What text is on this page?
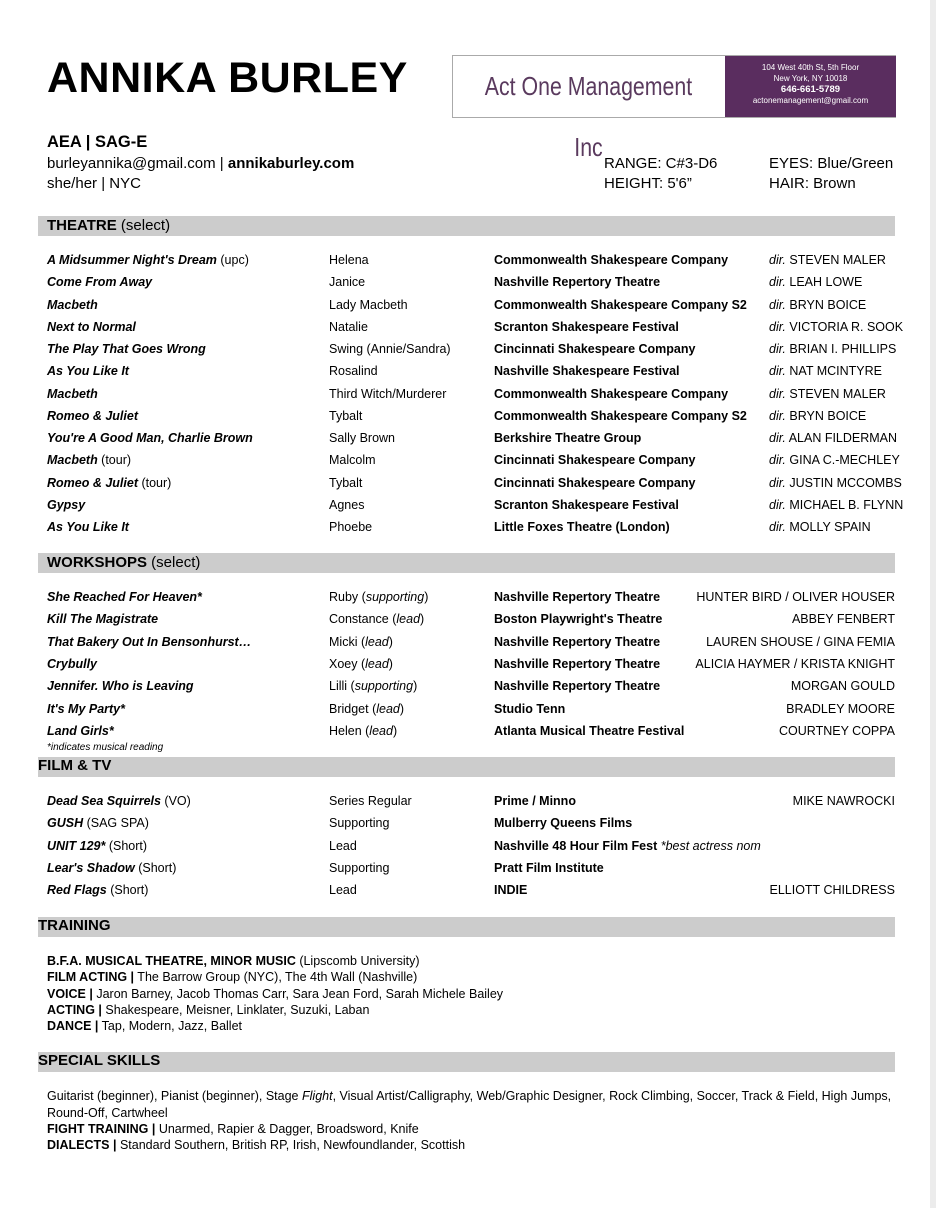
ANNIKA BURLEY	Act One Management Inc
104 West 40th St, 5th Floor
New York, NY 10018
646-661-5789
actonemanagement@gmail.com
AEA | SAG-E
burleyannika@gmail.com | annikaburley.com
she/her | NYC
RANGE: C#3-D6
HEIGHT: 5'6”
EYES: Blue/Green
HAIR: Brown
THEATRE (select)
A Midsummer Night's Dream (upc)	Helena	Commonwealth Shakespeare Company	dir. STEVEN MALER
Come From Away	Janice	Nashville Repertory Theatre	dir. LEAH LOWE
Macbeth	Lady Macbeth	Commonwealth Shakespeare Company S2 dir. BRYN BOICE
Next to Normal	Natalie	Scranton Shakespeare Festival	dir. VICTORIA R. SOOK
The Play That Goes Wrong	Swing (Annie/Sandra)	Cincinnati Shakespeare Company	dir. BRIAN I. PHILLIPS
As You Like It	Rosalind	Nashville Shakespeare Festival	dir. NAT MCINTYRE
Macbeth	Third Witch/Murderer	Commonwealth Shakespeare Company	dir. STEVEN MALER
Romeo & Juliet	Tybalt	Commonwealth Shakespeare Company S2 dir. BRYN BOICE
You're A Good Man, Charlie Brown	Sally Brown	Berkshire Theatre Group	dir. ALAN FILDERMAN
Macbeth (tour)	Malcolm	Cincinnati Shakespeare Company	dir. GINA C.-MECHLEY
Romeo & Juliet (tour)	Tybalt	Cincinnati Shakespeare Company	dir. JUSTIN MCCOMBS
Gypsy	Agnes	Scranton Shakespeare Festival	dir. MICHAEL B. FLYNN
As You Like It	Phoebe	Little Foxes Theatre (London)	dir. MOLLY SPAIN
WORKSHOPS (select)
She Reached For Heaven*	Ruby (supporting)	Nashville Repertory Theatre	HUNTER BIRD / OLIVER HOUSER
Kill The Magistrate	Constance (lead)	Boston Playwright's Theatre	ABBEY FENBERT
That Bakery Out In Bensonhurst…	Micki (lead)	Nashville Repertory Theatre	LAUREN SHOUSE / GINA FEMIA
Crybully	Xoey (lead)	Nashville Repertory Theatre	ALICIA HAYMER / KRISTA KNIGHT
Jennifer. Who is Leaving	Lilli (supporting)	Nashville Repertory Theatre	MORGAN GOULD
It's My Party*	Bridget (lead)	Studio Tenn	BRADLEY MOORE
Land Girls*	Helen (lead)	Atlanta Musical Theatre Festival	COURTNEY COPPA
*indicates musical reading
FILM & TV
Dead Sea Squirrels (VO)	Series Regular	Prime / Minno	MIKE NAWROCKI
GUSH (SAG SPA)	Supporting	Mulberry Queens Films
UNIT 129* (Short)	Lead	Nashville 48 Hour Film Fest *best actress nom
Lear's Shadow (Short)	Supporting	Pratt Film Institute
Red Flags (Short)	Lead	INDIE	ELLIOTT CHILDRESS
TRAINING
B.F.A. MUSICAL THEATRE, MINOR MUSIC (Lipscomb University)
FILM ACTING | The Barrow Group (NYC), The 4th Wall (Nashville)
VOICE | Jaron Barney, Jacob Thomas Carr, Sara Jean Ford, Sarah Michele Bailey
ACTING | Shakespeare, Meisner, Linklater, Suzuki, Laban
DANCE | Tap, Modern, Jazz, Ballet
SPECIAL SKILLS
Guitarist (beginner), Pianist (beginner), Stage Flight, Visual Artist/Calligraphy, Web/Graphic Designer, Rock Climbing, Soccer, Track & Field, High Jumps,
Round-Off, Cartwheel
FIGHT TRAINING | Unarmed, Rapier & Dagger, Broadsword, Knife
DIALECTS | Standard Southern, British RP, Irish, Newfoundlander, Scottish
